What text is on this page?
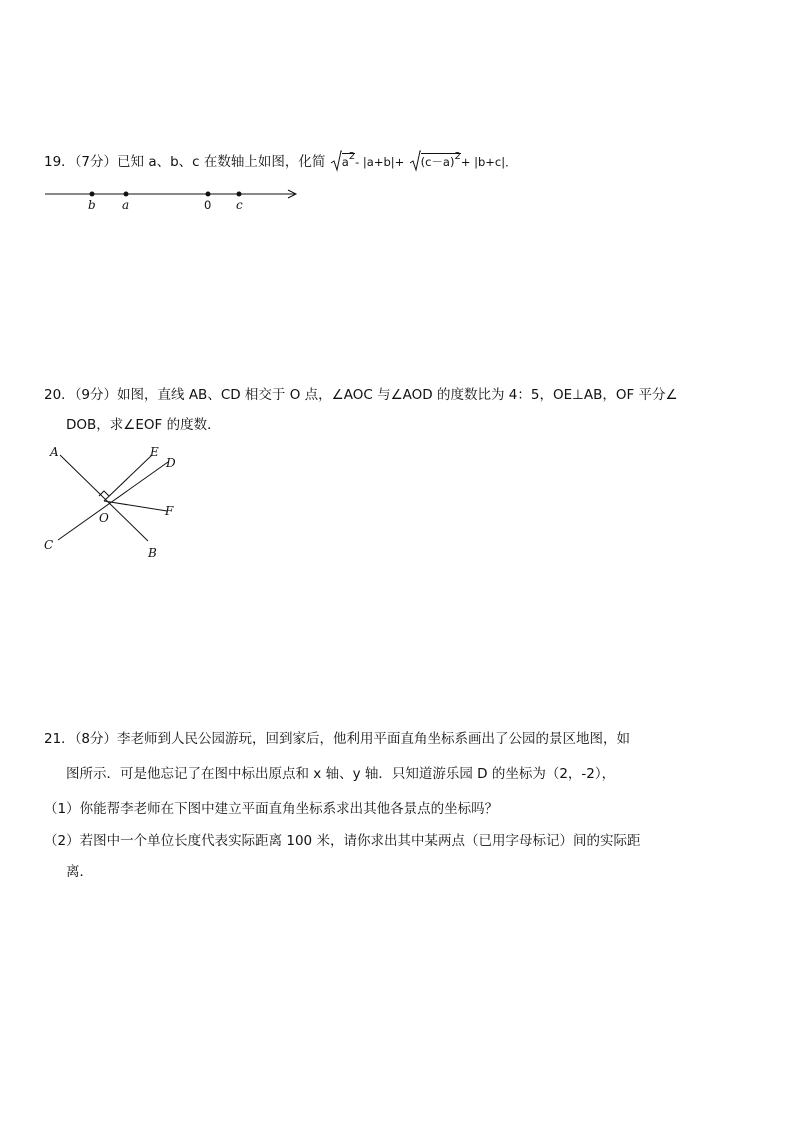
19．（7分）已知 a、b、c 在数轴上如图，化简 $a^2-$ $|a+b|+ (c-a)^2+ |b+c|$．
b a	0 c
20．（9分）如图，直线 AB、CD 相交于 O 点，∠AOC 与∠AOD 的度数比为 4：5，OE⊥AB，OF 平分∠
DOB，求∠EOF 的度数．
A	E
D
O	F
C
B
21．（8分）李老师到人民公园游玩，回到家后，他利用平面直角坐标系画出了公园的景区地图，如
图所示．可是他忘记了在图中标出原点和 x 轴、y 轴．只知道游乐园 D 的坐标为（2，-2），
（1）你能帮李老师在下图中建立平面直角坐标系求出其他各景点的坐标吗？
（2）若图中一个单位长度代表实际距离 100 米，请你求出其中某两点（已用字母标记）间的实际距
离．
